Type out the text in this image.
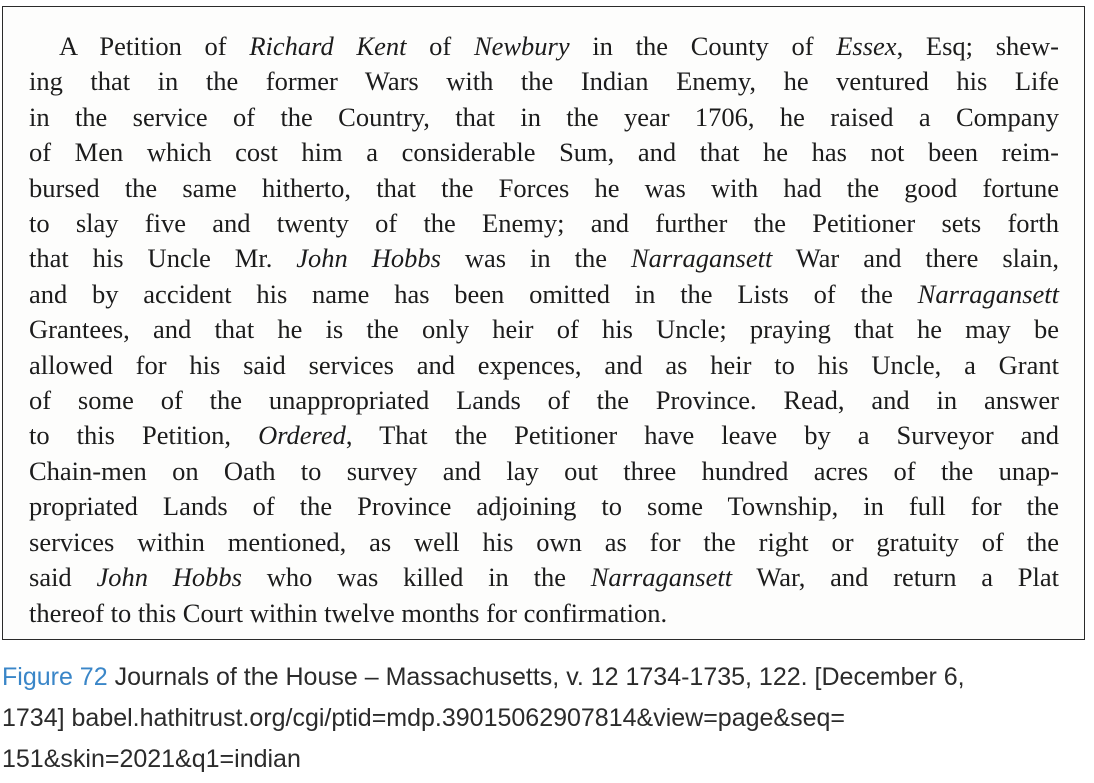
A Petition of Richard Kent of Newbury in the County of Essex, Esq; shew-
ing that in the former Wars with the Indian Enemy, he ventured his Life
in the service of the Country, that in the year 1706, he raised a Company
of Men which cost him a considerable Sum, and that he has not been reim-
bursed the same hitherto, that the Forces he was with had the good fortune
to slay five and twenty of the Enemy; and further the Petitioner sets forth
that his Uncle Mr. John Hobbs was in the Narragansett War and there slain,
and by accident his name has been omitted in the Lists of the Narragansett
Grantees, and that he is the only heir of his Uncle; praying that he may be
allowed for his said services and expences, and as heir to his Uncle, a Grant
of some of the unappropriated Lands of the Province. Read, and in answer
to this Petition, Ordered, That the Petitioner have leave by a Surveyor and
Chain-men on Oath to survey and lay out three hundred acres of the unap-
propriated Lands of the Province adjoining to some Township, in full for the
services within mentioned, as well his own as for the right or gratuity of the
said John Hobbs who was killed in the Narragansett War, and return a Plat
thereof to this Court within twelve months for confirmation.

Figure 72 Journals of the House – Massachusetts, v. 12 1734-1735, 122. [December 6,
1734] babel.hathitrust.org/cgi/ptid=mdp.39015062907814&view=page&seq=
151&skin=2021&q1=indian
